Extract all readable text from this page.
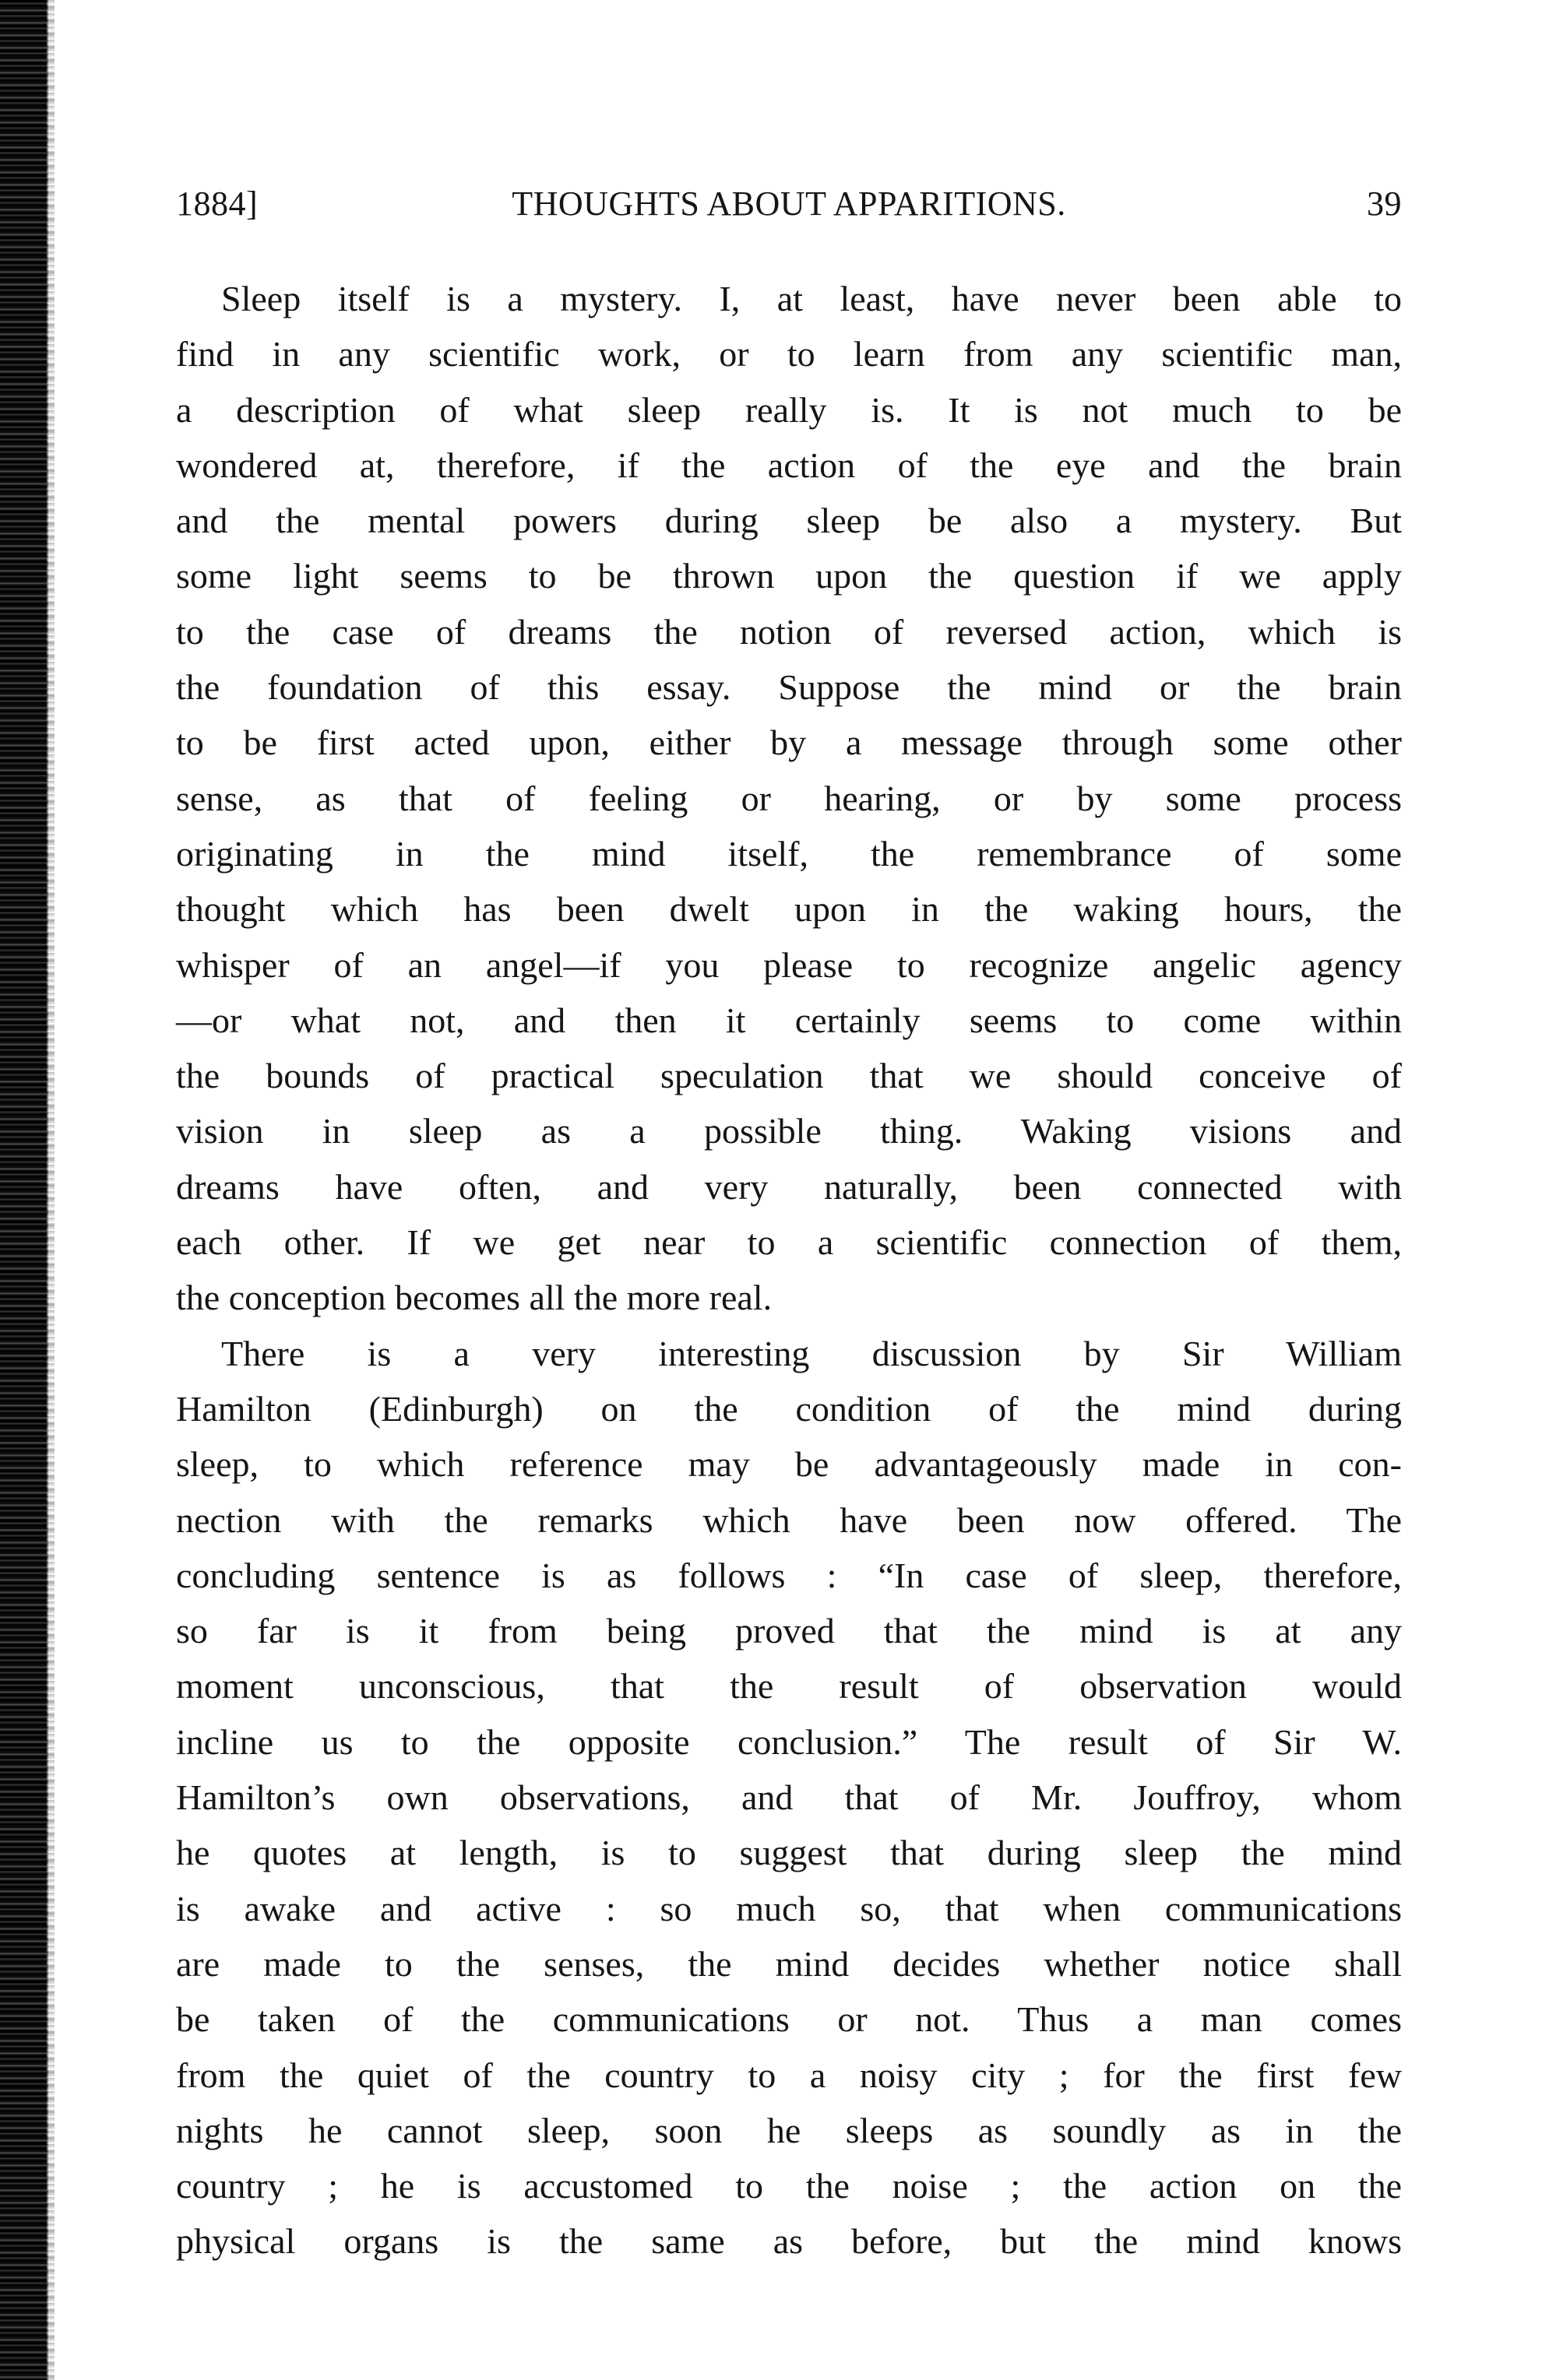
1884]	THOUGHTS ABOUT APPARITIONS.	39
Sleep itself is a mystery. I, at least, have never been able to
find in any scientific work, or to learn from any scientific man,
a description of what sleep really is. It is not much to be
wondered at, therefore, if the action of the eye and the brain
and the mental powers during sleep be also a mystery. But
some light seems to be thrown upon the question if we apply
to the case of dreams the notion of reversed action, which is
the foundation of this essay. Suppose the mind or the brain
to be first acted upon, either by a message through some other
sense, as that of feeling or hearing, or by some process
originating in the mind itself, the remembrance of some
thought which has been dwelt upon in the waking hours, the
whisper of an angel—if you please to recognize angelic agency
—or what not, and then it certainly seems to come within
the bounds of practical speculation that we should conceive of
vision in sleep as a possible thing. Waking visions and
dreams have often, and very naturally, been connected with
each other. If we get near to a scientific connection of them,
the conception becomes all the more real.
There is a very interesting discussion by Sir William
Hamilton (Edinburgh) on the condition of the mind during
sleep, to which reference may be advantageously made in con-
nection with the remarks which have been now offered. The
concluding sentence is as follows : “In case of sleep, therefore,
so far is it from being proved that the mind is at any
moment unconscious, that the result of observation would
incline us to the opposite conclusion.” The result of Sir W.
Hamilton’s own observations, and that of Mr. Jouffroy, whom
he quotes at length, is to suggest that during sleep the mind
is awake and active : so much so, that when communications
are made to the senses, the mind decides whether notice shall
be taken of the communications or not. Thus a man comes
from the quiet of the country to a noisy city ; for the first few
nights he cannot sleep, soon he sleeps as soundly as in the
country ; he is accustomed to the noise ; the action on the
physical organs is the same as before, but the mind knows
